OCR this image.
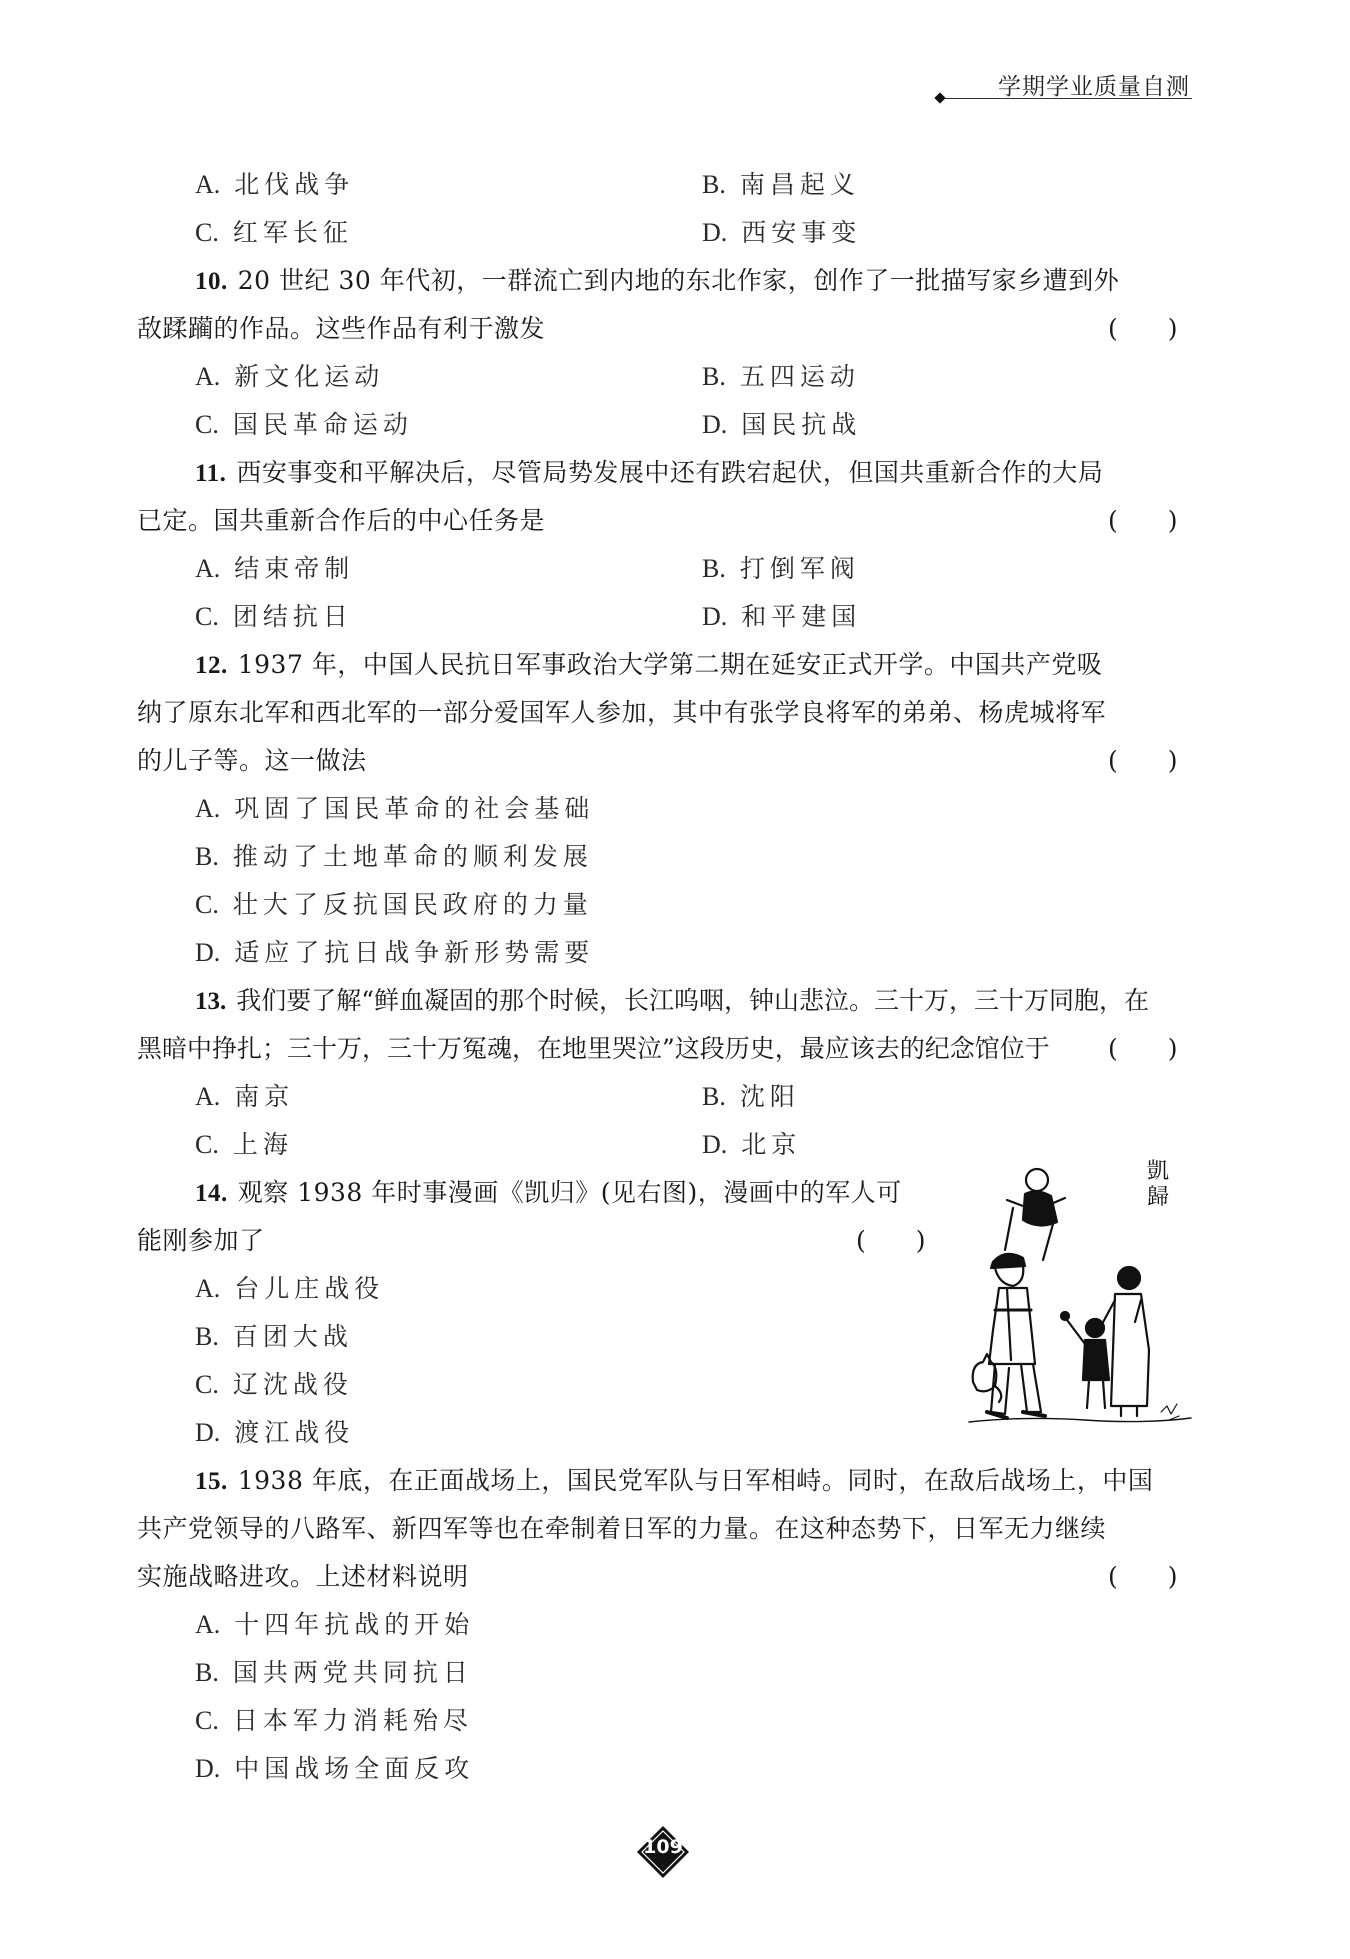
学期学业质量自测
A. 北伐战争	B. 南昌起义
C. 红军长征	D. 西安事变
10. 20 世纪 30 年代初，一群流亡到内地的东北作家，创作了一批描写家乡遭到外
敌蹂躏的作品。这些作品有利于激发	(　　)
A. 新文化运动	B. 五四运动
C. 国民革命运动	D. 国民抗战
11. 西安事变和平解决后，尽管局势发展中还有跌宕起伏，但国共重新合作的大局
已定。国共重新合作后的中心任务是	(　　)
A. 结束帝制	B. 打倒军阀
C. 团结抗日	D. 和平建国
12. 1937 年，中国人民抗日军事政治大学第二期在延安正式开学。中国共产党吸
纳了原东北军和西北军的一部分爱国军人参加，其中有张学良将军的弟弟、杨虎城将军
的儿子等。这一做法	(　　)
A. 巩固了国民革命的社会基础
B. 推动了土地革命的顺利发展
C. 壮大了反抗国民政府的力量
D. 适应了抗日战争新形势需要
13. 我们要了解“鲜血凝固的那个时候，长江呜咽，钟山悲泣。三十万，三十万同胞，在
黑暗中挣扎；三十万，三十万冤魂，在地里哭泣”这段历史，最应该去的纪念馆位于 (　　)
A. 南京	B. 沈阳
C. 上海	D. 北京
14. 观察 1938 年时事漫画《凯归》(见右图)，漫画中的军人可
能刚参加了	(　　)
A. 台儿庄战役
B. 百团大战
C. 辽沈战役
D. 渡江战役
凱
歸
15. 1938 年底，在正面战场上，国民党军队与日军相峙。同时，在敌后战场上，中国
共产党领导的八路军、新四军等也在牵制着日军的力量。在这种态势下，日军无力继续
实施战略进攻。上述材料说明	(　　)
A. 十四年抗战的开始
B. 国共两党共同抗日
C. 日本军力消耗殆尽
D. 中国战场全面反攻
109
